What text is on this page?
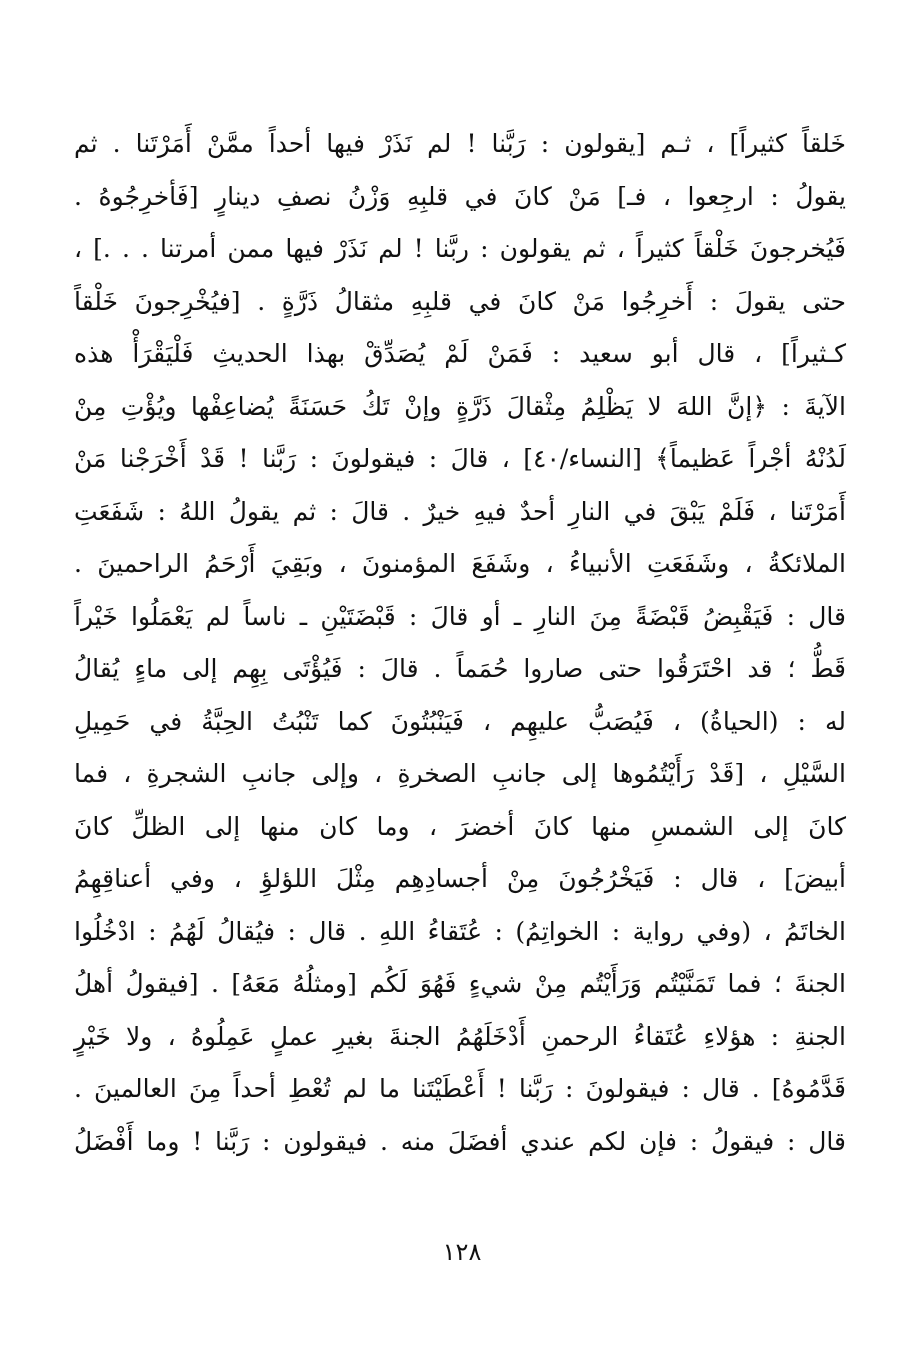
خَلقاً كثيراً] ، ثـم [يقولون : رَبَّنا ! لم نَذَرْ فيها أحداً ممَّنْ أَمَرْتَنا . ثم
يقولُ : ارجِعوا ، فـ] مَنْ كانَ في قلبِهِ وَزْنُ نصفِ دينارٍ [فَأخرِجُوهُ .
فَيُخرجونَ خَلْقاً كثيراً ، ثم يقولون : ربَّنا ! لم نَذَرْ فيها ممن أمرتنا . . .] ،
حتى يقولَ : أَخرِجُوا مَنْ كانَ في قلبِهِ مثقالُ ذَرَّةٍ . [فيُخْرِجونَ خَلْقاً
كـثيراً] ، قال أبو سعيد : فَمَنْ لَمْ يُصَدِّقْ بهذا الحديثِ فَلْيَقْرَأْ هذه
الآيةَ : ﴿إنَّ اللهَ لا يَظْلِمُ مِثْقالَ ذَرَّةٍ وإنْ تَكُ حَسَنَةً يُضاعِفْها ويُؤْتِ مِنْ
لَدُنْهُ أجْراً عَظيماً﴾ [النساء/٤٠] ، قالَ : فيقولونَ : رَبَّنا ! قَدْ أَخْرَجْنا مَنْ
أَمَرْتَنا ، فَلَمْ يَبْقَ في النارِ أحدٌ فيهِ خيرٌ . قالَ : ثم يقولُ اللهُ : شَفَعَتِ
الملائكةُ ، وشَفَعَتِ الأنبياءُ ، وشَفَعَ المؤمنونَ ، وبَقِيَ أَرْحَمُ الراحمينَ .
قال : فَيَقْبِضُ قَبْضَةً مِنَ النارِ ـ أو قالَ : قَبْضَتَيْنِ ـ ناساً لم يَعْمَلُوا خَيْراً
قَطُّ ؛ قد احْتَرَقُوا حتى صاروا حُمَماً . قالَ : فَيُؤْتَى بِهِم إلى ماءٍ يُقالُ
له : (الحياةُ) ، فَيُصَبُّ عليهِم ، فَيَنْبُتُونَ كما تَنْبُتُ الحِبَّةُ في حَمِيلِ
السَّيْلِ ، [قَدْ رَأَيْتُمُوها إلى جانبِ الصخرةِ ، وإلى جانبِ الشجرةِ ، فما
كانَ إلى الشمسِ منها كانَ أخضرَ ، وما كان منها إلى الظلِّ كانَ
أبيضَ] ، قال : فَيَخْرُجُونَ مِنْ أجسادِهِم مِثْلَ اللؤلؤِ ، وفي أعناقِهِمُ
الخاتَمُ ، (وفي رواية : الخواتِمُ) : عُتَقاءُ اللهِ . قال : فيُقالُ لَهُمُ : ادْخُلُوا
الجنةَ ؛ فما تَمَنَّيْتُم وَرَأَيْتُم مِنْ شيءٍ فَهُوَ لَكُم [ومثلُهُ مَعَهُ] . [فيقولُ أهلُ
الجنةِ : هؤلاءِ عُتَقاءُ الرحمنِ أَدْخَلَهُمُ الجنةَ بغيرِ عملٍ عَمِلُوهُ ، ولا خَيْرٍ
قَدَّمُوهُ] . قال : فيقولونَ : رَبَّنا ! أَعْطَيْتَنا ما لم تُعْطِ أحداً مِنَ العالمينَ .
قال : فيقولُ : فإن لكم عندي أفضَلَ منه . فيقولون : رَبَّنا ! وما أَفْضَلُ
١٢٨
